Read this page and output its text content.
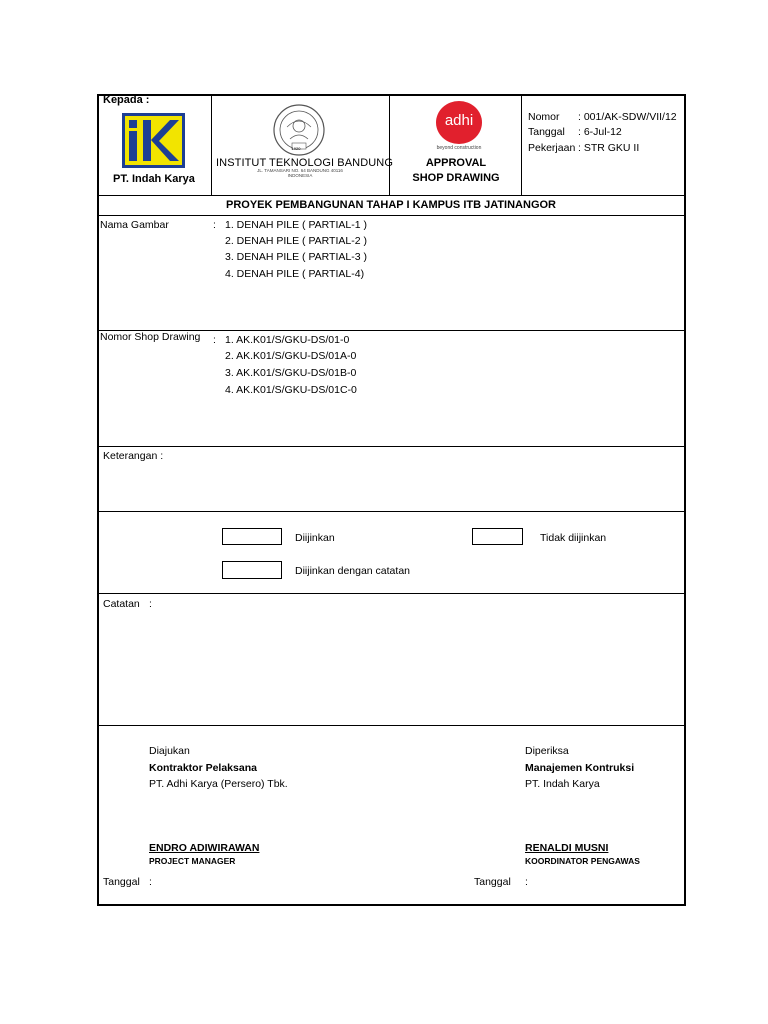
Kepada :
PT. Indah Karya
1920
INSTITUT TEKNOLOGI BANDUNG
JL. TAMANSARI NO. 64 BANDUNG 40116
INDONESIA
adhi
beyond construction
APPROVAL
SHOP DRAWING
Nomor : 001/AK-SDW/VII/12
Tanggal : 6-Jul-12
Pekerjaan : STR GKU II
PROYEK PEMBANGUNAN TAHAP I KAMPUS ITB JATINANGOR
Nama Gambar	: 1. DENAH PILE ( PARTIAL-1 )
2. DENAH PILE ( PARTIAL-2 )
3. DENAH PILE ( PARTIAL-3 )
4. DENAH PILE ( PARTIAL-4)
Nomor Shop Drawing : 1. AK.K01/S/GKU-DS/01-0
2. AK.K01/S/GKU-DS/01A-0
3. AK.K01/S/GKU-DS/01B-0
4. AK.K01/S/GKU-DS/01C-0
Keterangan :
Diijinkan	Tidak diijinkan
Diijinkan dengan catatan
Catatan :
Diajukan
Kontraktor Pelaksana
PT. Adhi Karya (Persero) Tbk.
ENDRO ADIWIRAWAN
PROJECT MANAGER
Tanggal :
Diperiksa
Manajemen Kontruksi
PT. Indah Karya
RENALDI MUSNI
KOORDINATOR PENGAWAS
Tanggal :
